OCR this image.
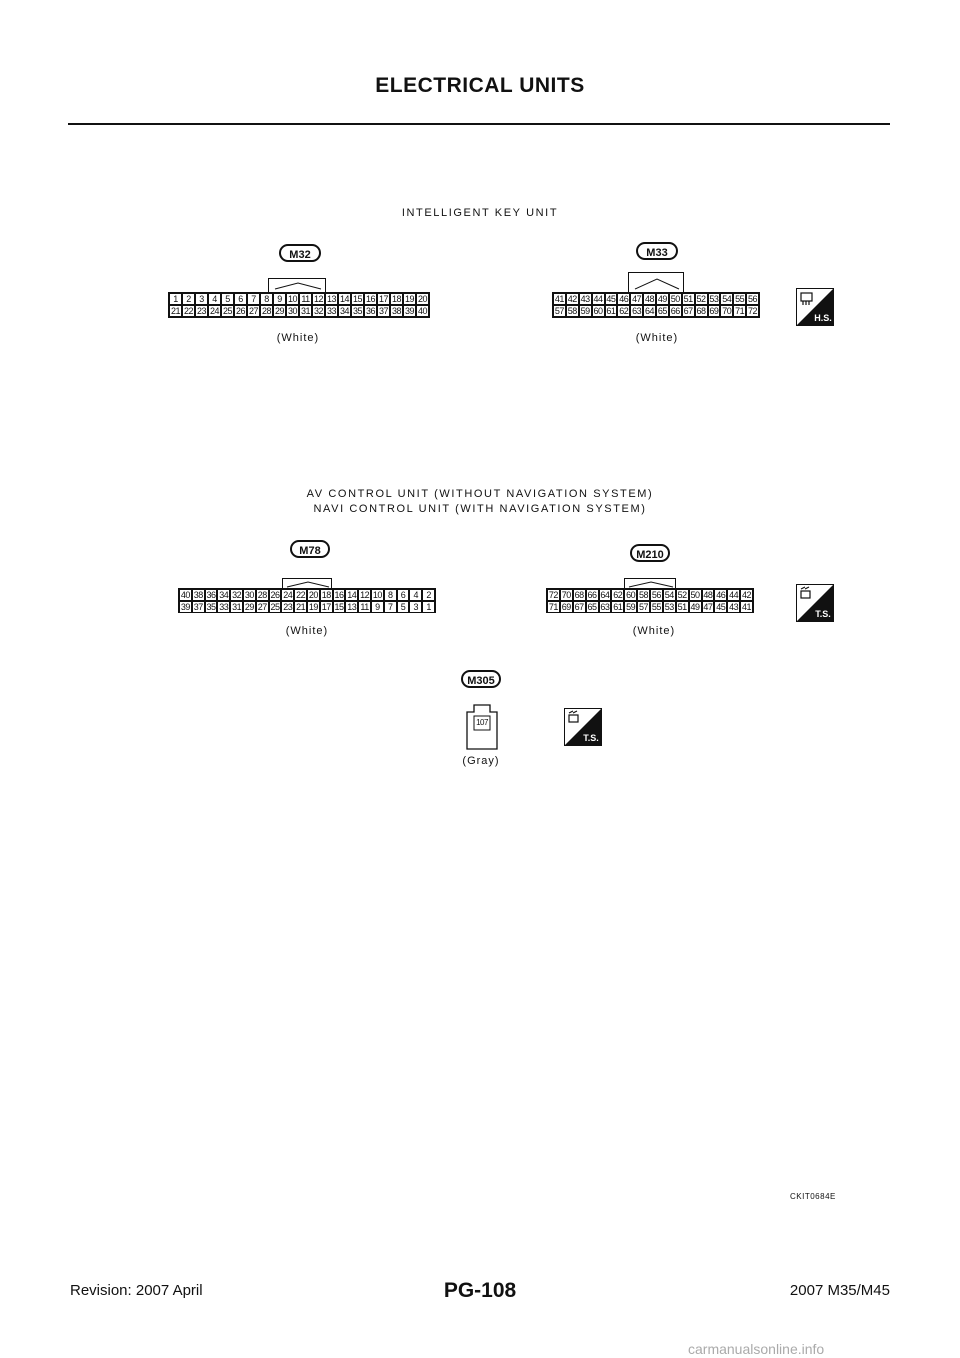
ELECTRICAL UNITS
INTELLIGENT KEY UNIT
M32
1 2 3 4 5 6 7 8 9 10 11 12 13 14 15 16 17 18 19 20
21 22 23 24 25 26 27 28 29 30 31 32 33 34 35 36 37 38 39 40
(White)
M33
41 42 43 44 45 46 47 48 49 50 51 52 53 54 55 56
57 58 59 60 61 62 63 64 65 66 67 68 69 70 71 72
(White)
H.S.
AV CONTROL UNIT (WITHOUT NAVIGATION SYSTEM)
NAVI CONTROL UNIT (WITH NAVIGATION SYSTEM)
M78
40 38 36 34 32 30 28 26 24 22 20 18 16 14 12 10 8 6 4 2
39 37 35 33 31 29 27 25 23 21 19 17 15 13 11 9 7 5 3 1
(White)
M210
72 70 68 66 64 62 60 58 56 54 52 50 48 46 44 42
71 69 67 65 63 61 59 57 55 53 51 49 47 45 43 41
(White)
T.S.
M305
107
(Gray)
T.S.
CKIT0684E
Revision: 2007 April	PG-108	2007 M35/M45
carmanualsonline.info
